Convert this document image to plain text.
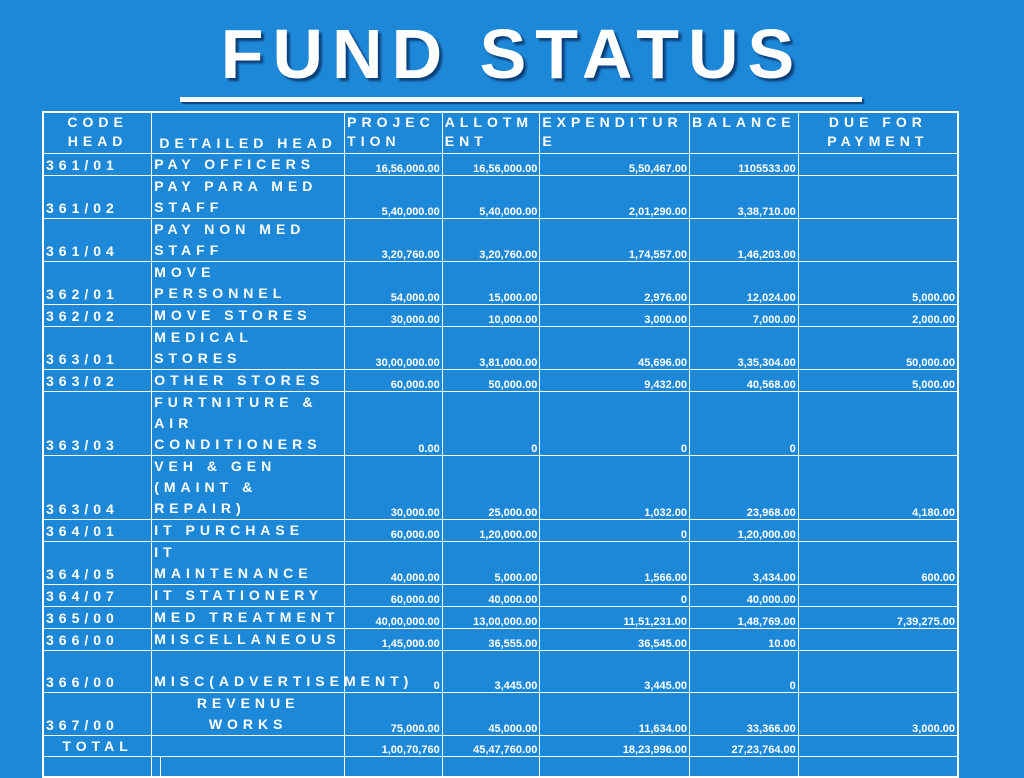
FUND STATUS
CODE HEAD	DETAILED HEAD		PROJECTION	ALLOTMENT	EXPENDITURE	BALANCE	DUE FOR PAYMENT
361/01	PAY OFFICERS		16,56,000.00	16,56,000.00	5,50,467.00	1105533.00	
361/02	PAY PARA MED STAFF		5,40,000.00	5,40,000.00	2,01,290.00	3,38,710.00	
361/04	PAY NON MED STAFF		3,20,760.00	3,20,760.00	1,74,557.00	1,46,203.00	
362/01	MOVE PERSONNEL		54,000.00	15,000.00	2,976.00	12,024.00	5,000.00
362/02	MOVE STORES		30,000.00	10,000.00	3,000.00	7,000.00	2,000.00
363/01	MEDICAL STORES		30,00,000.00	3,81,000.00	45,696.00	3,35,304.00	50,000.00
363/02	OTHER STORES		60,000.00	50,000.00	9,432.00	40,568.00	5,000.00
363/03	FURTNITURE & AIR CONDITIONERS		0.00	0	0	0	
363/04	VEH & GEN (MAINT & REPAIR)		30,000.00	25,000.00	1,032.00	23,968.00	4,180.00
364/01	IT PURCHASE		60,000.00	1,20,000.00	0	1,20,000.00	
364/05	IT MAINTENANCE		40,000.00	5,000.00	1,566.00	3,434.00	600.00
364/07	IT STATIONERY		60,000.00	40,000.00	0	40,000.00	
365/00	MED TREATMENT		40,00,000.00	13,00,000.00	11,51,231.00	1,48,769.00	7,39,275.00
366/00	MISCELLANEOUS		1,45,000.00	36,555.00	36,545.00	10.00	
366/00	MISC(ADVERTISEMENT)		0	3,445.00	3,445.00	0	
367/00	REVENUE WORKS		75,000.00	45,000.00	11,634.00	33,366.00	3,000.00
TOTAL			1,00,70,760	45,47,760.00	18,23,996.00	27,23,764.00	
